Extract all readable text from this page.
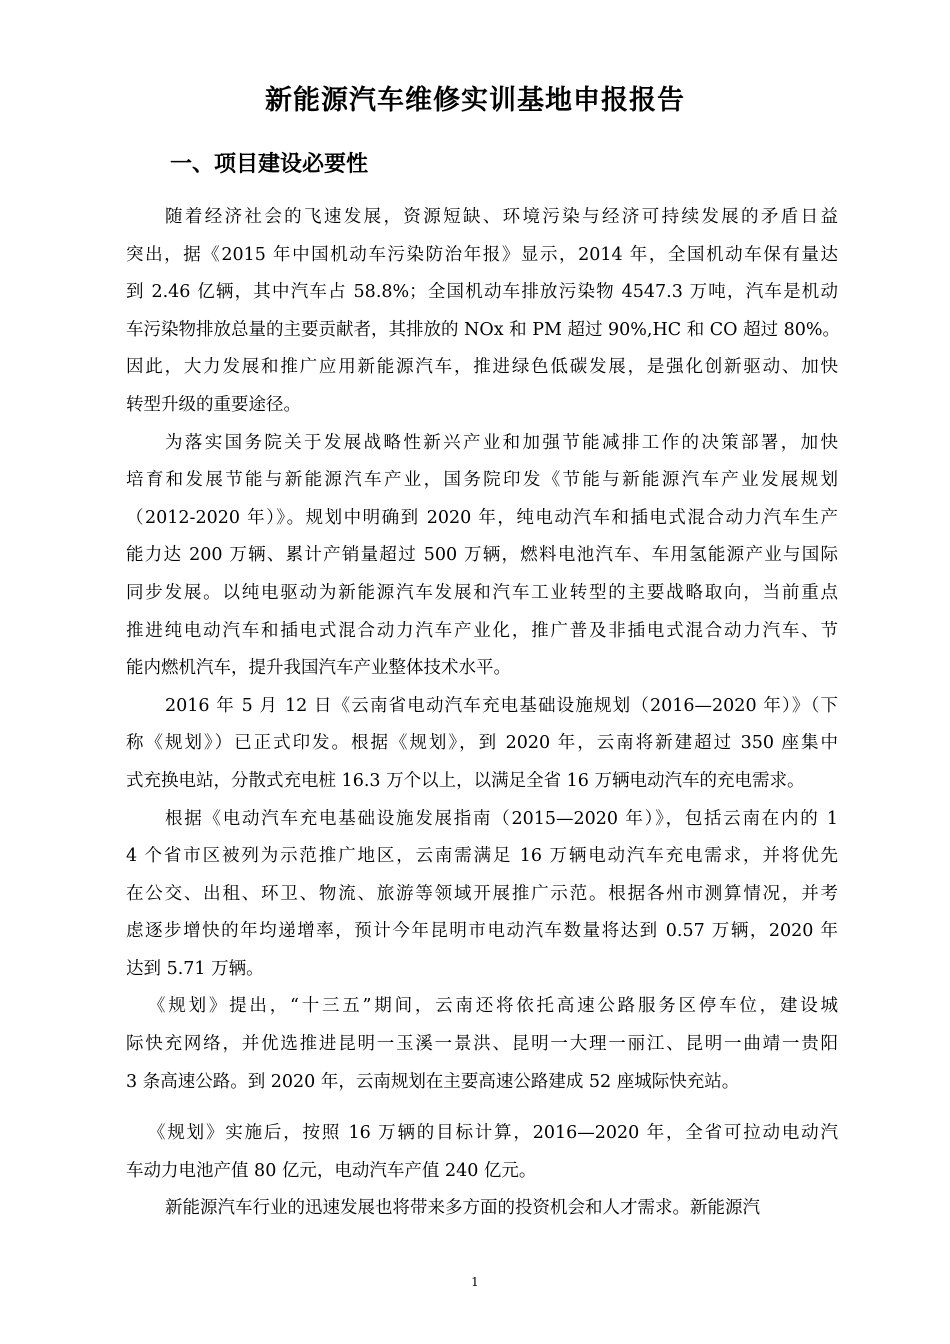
新能源汽车维修实训基地申报报告
一、项目建设必要性
随着经济社会的飞速发展，资源短缺、环境污染与经济可持续发展的矛盾日益
突出，据《2015 年中国机动车污染防治年报》显示，2014 年，全国机动车保有量达
到 2.46 亿辆，其中汽车占 58.8%；全国机动车排放污染物 4547.3 万吨，汽车是机动
车污染物排放总量的主要贡献者，其排放的 NOx 和 PM 超过 90%,HC 和 CO 超过 80%。
因此，大力发展和推广应用新能源汽车，推进绿色低碳发展，是强化创新驱动、加快
转型升级的重要途径。
为落实国务院关于发展战略性新兴产业和加强节能减排工作的决策部署，加快
培育和发展节能与新能源汽车产业，国务院印发《节能与新能源汽车产业发展规划
（2012-2020 年）》。规划中明确到 2020 年，纯电动汽车和插电式混合动力汽车生产
能力达 200 万辆、累计产销量超过 500 万辆，燃料电池汽车、车用氢能源产业与国际
同步发展。以纯电驱动为新能源汽车发展和汽车工业转型的主要战略取向，当前重点
推进纯电动汽车和插电式混合动力汽车产业化，推广普及非插电式混合动力汽车、节
能内燃机汽车，提升我国汽车产业整体技术水平。
2016 年 5 月 12 日《云南省电动汽车充电基础设施规划（2016—2020 年）》（下
称《规划》）已正式印发。根据《规划》，到 2020 年，云南将新建超过 350 座集中
式充换电站，分散式充电桩 16.3 万个以上，以满足全省 16 万辆电动汽车的充电需求。
根据《电动汽车充电基础设施发展指南（2015—2020 年）》，包括云南在内的 1
4 个省市区被列为示范推广地区，云南需满足 16 万辆电动汽车充电需求，并将优先
在公交、出租、环卫、物流、旅游等领域开展推广示范。根据各州市测算情况，并考
虑逐步增快的年均递增率，预计今年昆明市电动汽车数量将达到 0.57 万辆，2020 年
达到 5.71 万辆。
《规划》提出，“十三五”期间，云南还将依托高速公路服务区停车位，建设城
际快充网络，并优选推进昆明一玉溪一景洪、昆明一大理一丽江、昆明一曲靖一贵阳
3 条高速公路。到 2020 年，云南规划在主要高速公路建成 52 座城际快充站。
《规划》实施后，按照 16 万辆的目标计算，2016—2020 年，全省可拉动电动汽
车动力电池产值 80 亿元，电动汽车产值 240 亿元。
新能源汽车行业的迅速发展也将带来多方面的投资机会和人才需求。新能源汽
1
